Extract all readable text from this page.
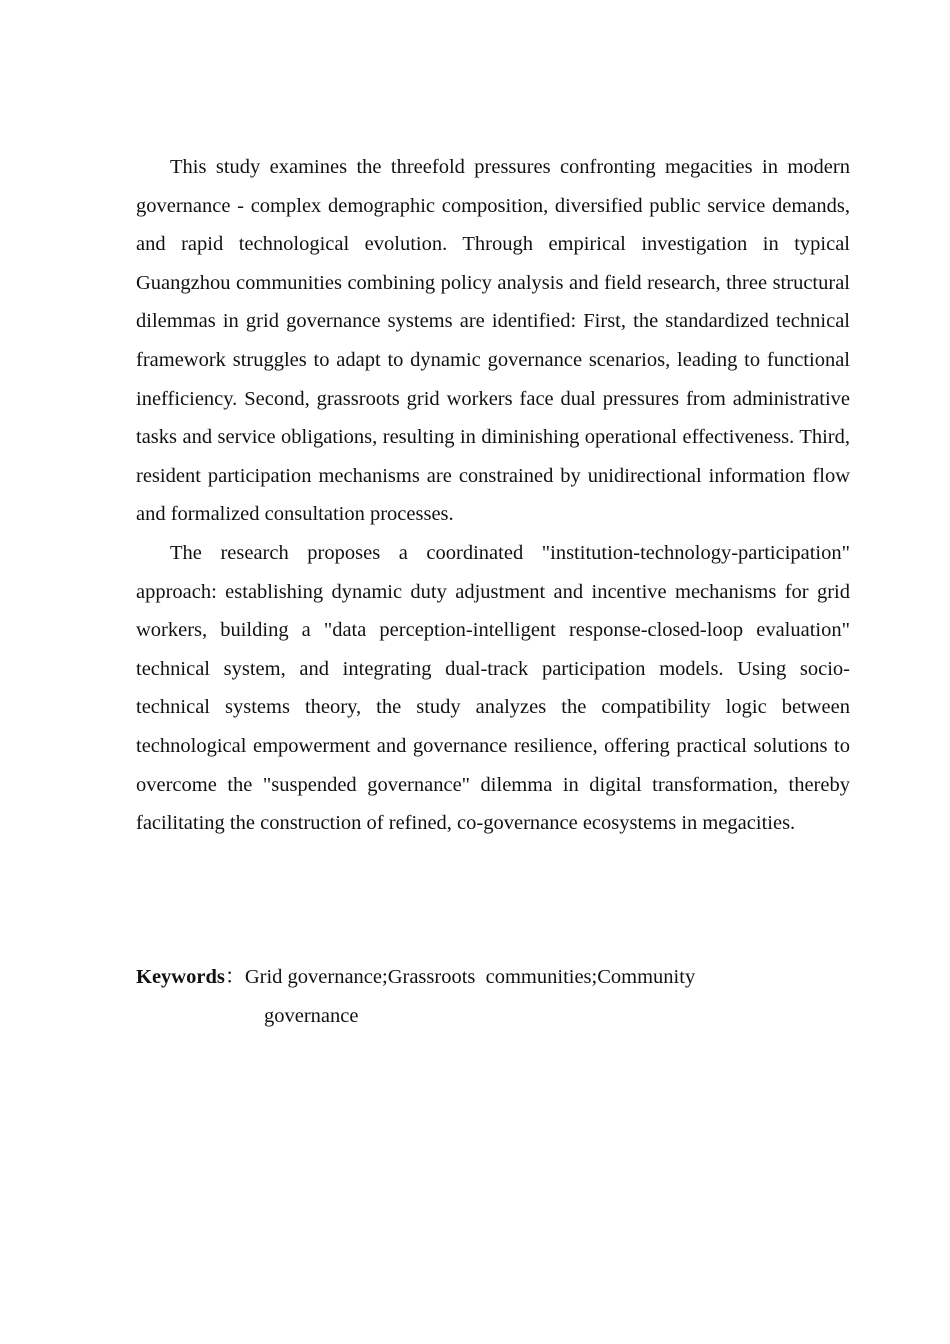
This study examines the threefold pressures confronting megacities in modern governance - complex demographic composition, diversified public service demands, and rapid technological evolution. Through empirical investigation in typical Guangzhou communities combining policy analysis and field research, three structural dilemmas in grid governance systems are identified: First, the standardized technical framework struggles to adapt to dynamic governance scenarios, leading to functional inefficiency. Second, grassroots grid workers face dual pressures from administrative tasks and service obligations, resulting in diminishing operational effectiveness. Third, resident participation mechanisms are constrained by unidirectional information flow and formalized consultation processes.

The research proposes a coordinated "institution-technology-participation" approach: establishing dynamic duty adjustment and incentive mechanisms for grid workers, building a "data perception-intelligent response-closed-loop evaluation" technical system, and integrating dual-track participation models. Using socio-technical systems theory, the study analyzes the compatibility logic between technological empowerment and governance resilience, offering practical solutions to overcome the "suspended governance" dilemma in digital transformation, thereby facilitating the construction of refined, co-governance ecosystems in megacities.

Keywords：Grid governance;Grassroots  communities;Community
governance
